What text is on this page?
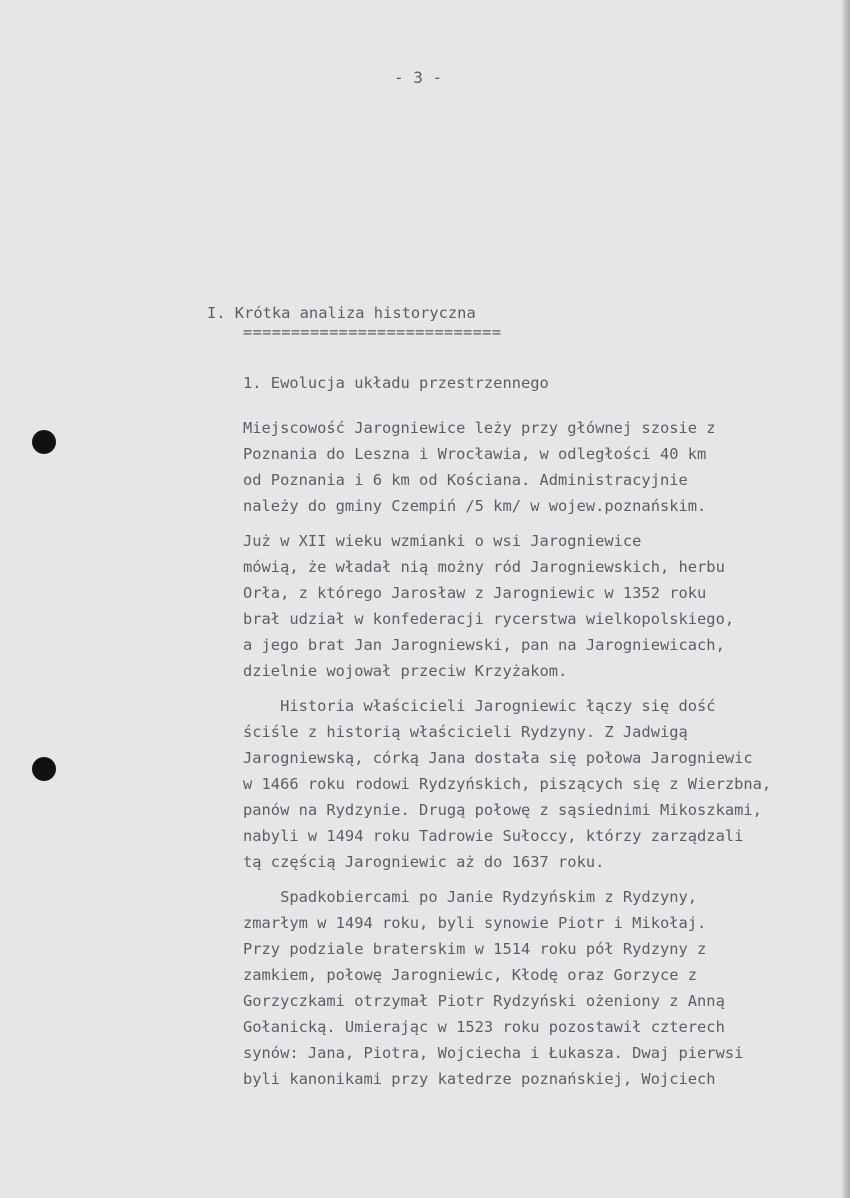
- 3 -
I. Krótka analiza historyczna
===========================
1. Ewolucja układu przestrzennego
Miejscowość Jarogniewice leży przy głównej szosie z
Poznania do Leszna i Wrocławia, w odległości 40 km
od Poznania i 6 km od Kościana. Administracyjnie
należy do gminy Czempiń /5 km/ w wojew.poznańskim.
Już w XII wieku wzmianki o wsi Jarogniewice
mówią, że władał nią możny ród Jarogniewskich, herbu
Orła, z którego Jarosław z Jarogniewic w 1352 roku
brał udział w konfederacji rycerstwa wielkopolskiego,
a jego brat Jan Jarogniewski, pan na Jarogniewicach,
dzielnie wojował przeciw Krzyżakom.
Historia właścicieli Jarogniewic łączy się dość
ściśle z historią właścicieli Rydzyny. Z Jadwigą
Jarogniewską, córką Jana dostała się połowa Jarogniewic
w 1466 roku rodowi Rydzyńskich, piszących się z Wierzbna,
panów na Rydzynie. Drugą połowę z sąsiednimi Mikoszkami,
nabyli w 1494 roku Tadrowie Sułoccy, którzy zarządzali
tą częścią Jarogniewic aż do 1637 roku.
Spadkobiercami po Janie Rydzyńskim z Rydzyny,
zmarłym w 1494 roku, byli synowie Piotr i Mikołaj.
Przy podziale braterskim w 1514 roku pół Rydzyny z
zamkiem, połowę Jarogniewic, Kłodę oraz Gorzyce z
Gorzyczkami otrzymał Piotr Rydzyński ożeniony z Anną
Gołanicką. Umierając w 1523 roku pozostawił czterech
synów: Jana, Piotra, Wojciecha i Łukasza. Dwaj pierwsi
byli kanonikami przy katedrze poznańskiej, Wojciech
